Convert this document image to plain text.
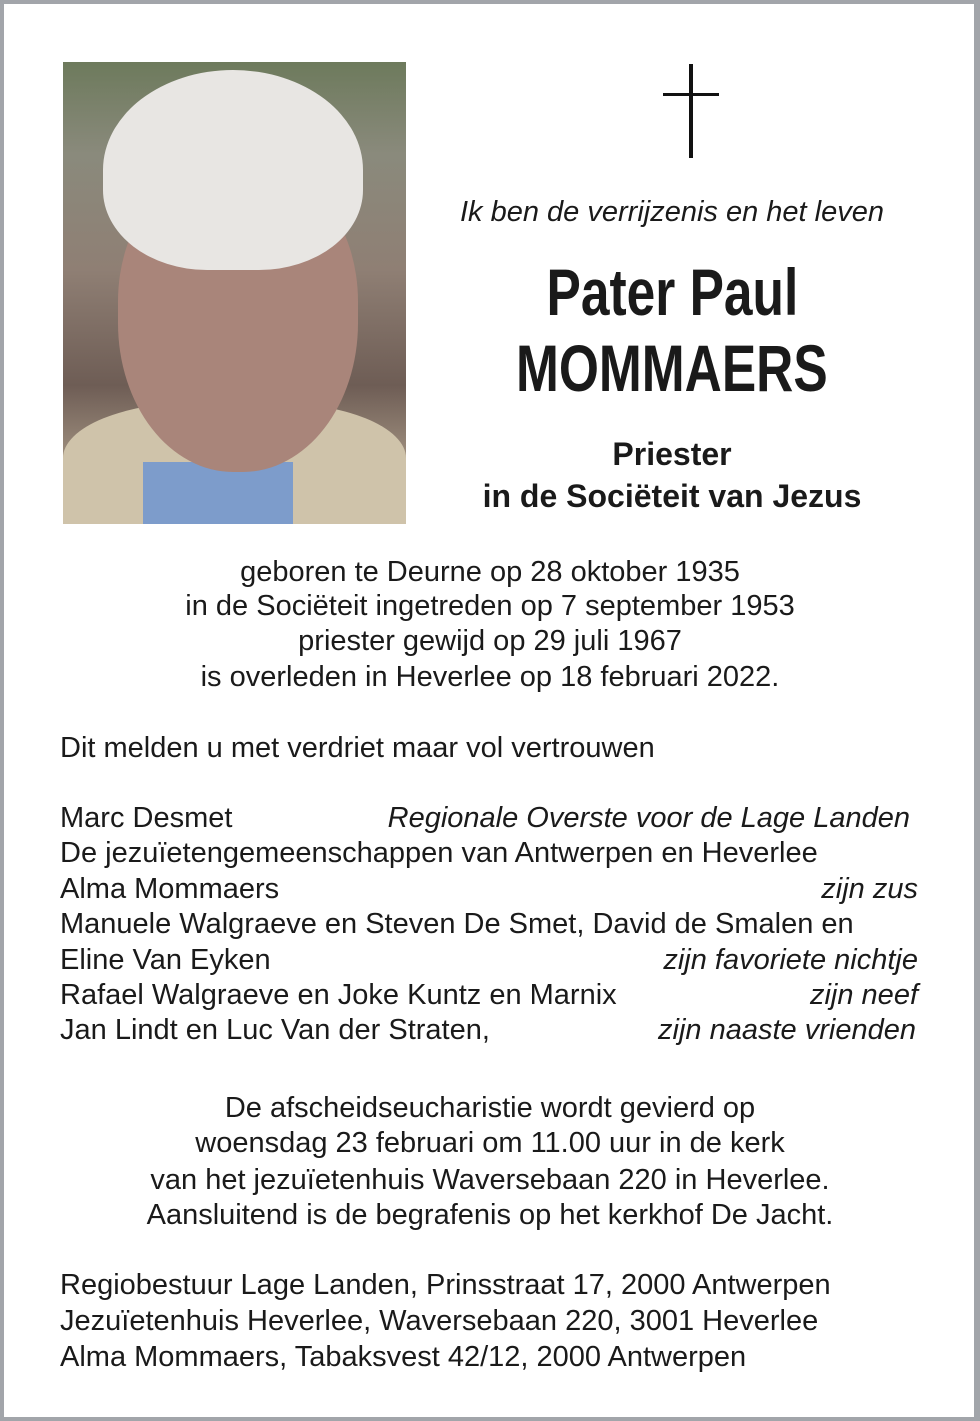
Ik ben de verrijzenis en het leven
Pater Paul
MOMMAERS
Priester
in de Sociëteit van Jezus
geboren te Deurne op 28 oktober 1935
in de Sociëteit ingetreden op 7 september 1953
priester gewijd op 29 juli 1967
is overleden in Heverlee op 18 februari 2022.
Dit melden u met verdriet maar vol vertrouwen
Marc Desmet	Regionale Overste voor de Lage Landen
De jezuïetengemeenschappen van Antwerpen en Heverlee
Alma Mommaers	zijn zus
Manuele Walgraeve en Steven De Smet, David de Smalen en
Eline Van Eyken	zijn favoriete nichtje
Rafael Walgraeve en Joke Kuntz en Marnix	zijn neef
Jan Lindt en Luc Van der Straten,	zijn naaste vrienden
De afscheidseucharistie wordt gevierd op
woensdag 23 februari om 11.00 uur in de kerk
van het jezuïetenhuis Waversebaan 220 in Heverlee.
Aansluitend is de begrafenis op het kerkhof De Jacht.
Regiobestuur Lage Landen, Prinsstraat 17, 2000 Antwerpen
Jezuïetenhuis Heverlee, Waversebaan 220, 3001 Heverlee
Alma Mommaers, Tabaksvest 42/12, 2000 Antwerpen
